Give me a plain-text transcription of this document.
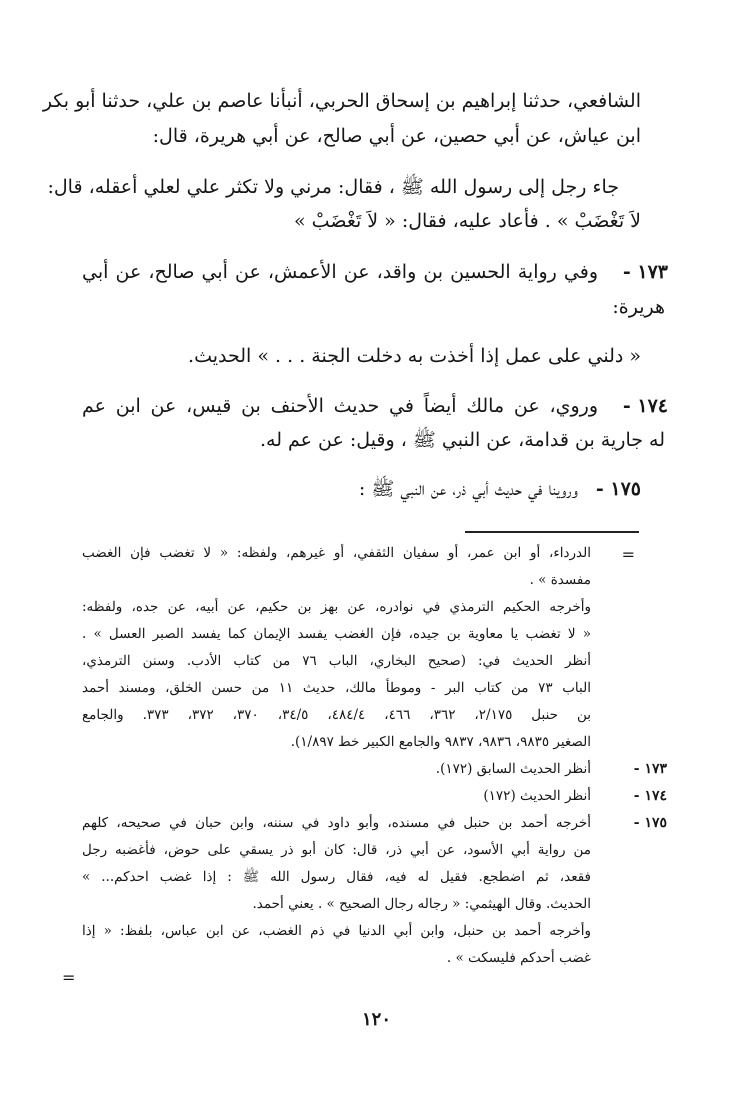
الشافعي، حدثنا إبراهيم بن إسحاق الحربي، أنبأنا عاصم بن علي، حدثنا أبو بكر
ابن عياش، عن أبي حصين، عن أبي صالح، عن أبي هريرة، قال:
جاء رجل إلى رسول الله ﷺ ، فقال: مرني ولا تكثر علي لعلي أعقله، قال:
لاَ تَغْضَبْ » . فأعاد عليه، فقال: « لاَ تَغْضَبْ »
١٧٣ -
وفي رواية الحسين بن واقد، عن الأعمش، عن أبي صالح، عن أبي
هريرة:
« دلني على عمل إذا أخذت به دخلت الجنة . . . » الحديث.
١٧٤ -
وروي، عن مالك أيضاً في حديث الأحنف بن قيس، عن ابن عم
له جارية بن قدامة، عن النبي ﷺ ، وقيل: عن عم له.
١٧٥ -
وروينا في حديث أبي ذر، عن النبي ﷺ :
=
الدرداء، أو ابن عمر، أو سفيان الثقفي، أو غيرهم، ولفظه: « لا تغضب فإن الغضب
مفسدة » .
وأخرجه الحكيم الترمذي في نوادره، عن بهز بن حكيم، عن أبيه، عن جده، ولفظه:
« لا تغضب يا معاوية بن جيده، فإن الغضب يفسد الإيمان كما يفسد الصبر العسل » .
أنظر الحديث في: (صحيح البخاري، الباب ٧٦ من كتاب الأدب. وسنن الترمذي،
الباب ٧٣ من كتاب البر - وموطأ مالك، حديث ١١ من حسن الخلق، ومسند أحمد
بن حنبل ٢/١٧٥، ٣٦٢، ٤٦٦، ٤٨٤/٤، ٣٤/٥، ٣٧٠، ٣٧٢، ٣٧٣. والجامع
الصغير ٩٨٣٥، ٩٨٣٦، ٩٨٣٧ والجامع الكبير خط ١/٨٩٧).
١٧٣ -
أنظر الحديث السابق (١٧٢).
١٧٤ -
أنظر الحديث (١٧٢)
١٧٥ -
أخرجه أحمد بن حنبل في مسنده، وأبو داود في سننه، وابن حبان في صحيحه، كلهم
من رواية أبي الأسود، عن أبي ذر، قال: كان أبو ذر يسقي على حوض، فأغضبه رجل
فقعد، ثم اضطجع. فقيل له فيه، فقال رسول الله ﷺ : إذا غضب احدكم... »
الحديث. وقال الهيثمي: « رجاله رجال الصحيح » . يعني أحمد.
وأخرجه أحمد بن حنبل، وابن أبي الدنيا في ذم الغضب، عن ابن عباس، بلفظ: « إذا
غضب أحدكم فليسكت » .
=
١٢٠
